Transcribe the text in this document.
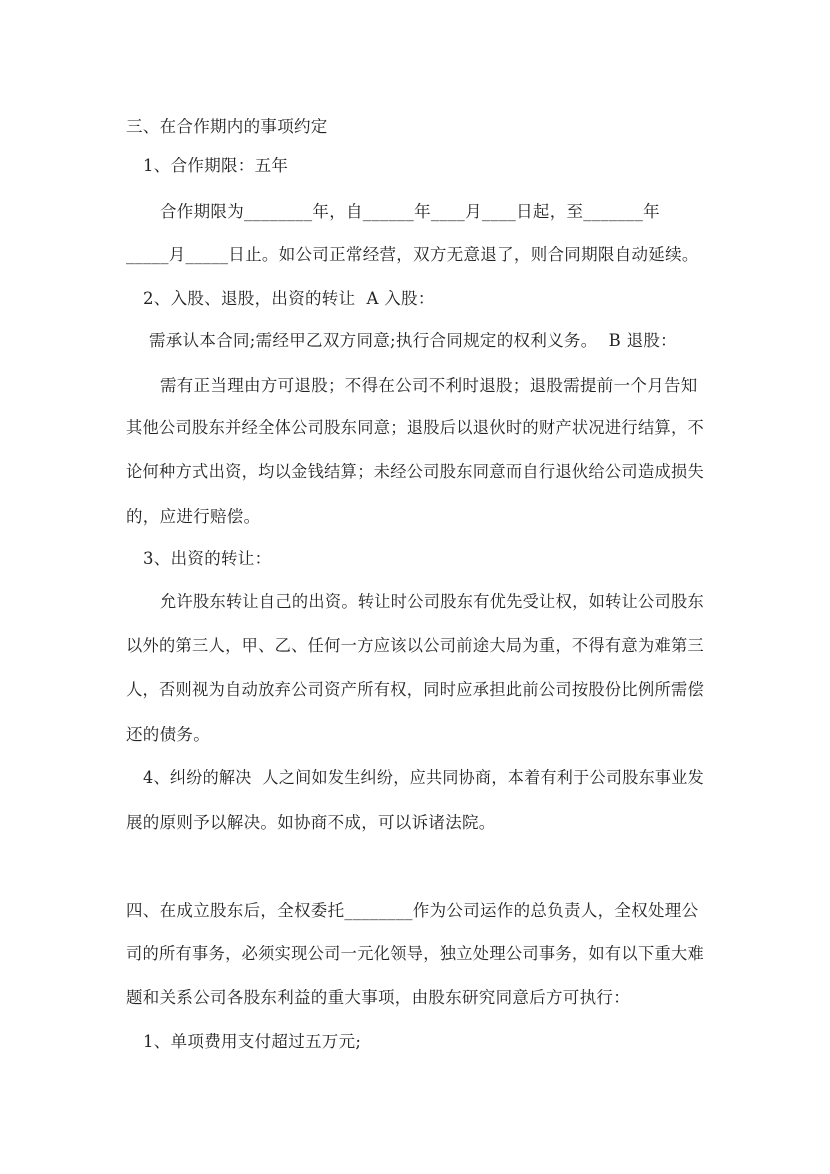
三、在合作期内的事项约定
1、合作期限：五年
合作期限为________年，自______年____月____日起，至_______年
_____月_____日止。如公司正常经营，双方无意退了，则合同期限自动延续。
2、入股、退股，出资的转让  A 入股：
需承认本合同;需经甲乙双方同意;执行合同规定的权利义务。  B 退股：
需有正当理由方可退股；不得在公司不利时退股；退股需提前一个月告知
其他公司股东并经全体公司股东同意；退股后以退伙时的财产状况进行结算，不
论何种方式出资，均以金钱结算；未经公司股东同意而自行退伙给公司造成损失
的，应进行赔偿。
3、出资的转让：
允许股东转让自己的出资。转让时公司股东有优先受让权，如转让公司股东
以外的第三人，甲、乙、任何一方应该以公司前途大局为重，不得有意为难第三
人，否则视为自动放弃公司资产所有权，同时应承担此前公司按股份比例所需偿
还的债务。
4、纠纷的解决  人之间如发生纠纷，应共同协商，本着有利于公司股东事业发
展的原则予以解决。如协商不成，可以诉诸法院。
四、在成立股东后，全权委托________作为公司运作的总负责人，全权处理公
司的所有事务，必须实现公司一元化领导，独立处理公司事务，如有以下重大难
题和关系公司各股东利益的重大事项，由股东研究同意后方可执行：
1、单项费用支付超过五万元;
